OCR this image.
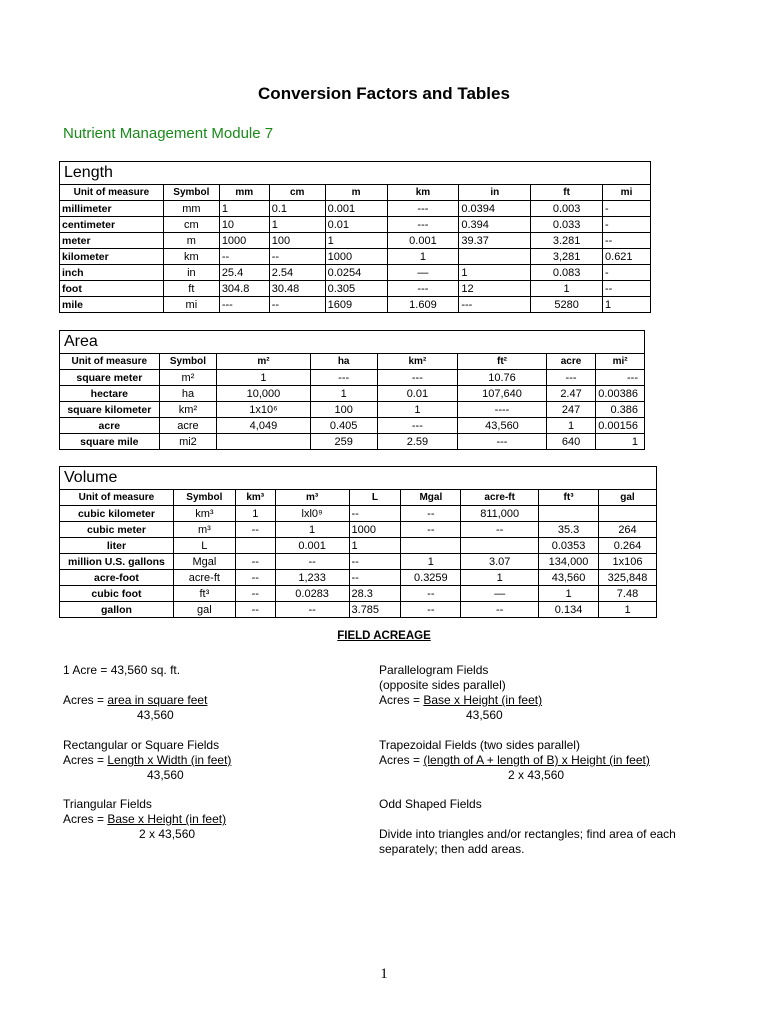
Conversion Factors and Tables
Nutrient Management Module 7
Length								
Unit of measure	Symbol	mm	cm	m	km	in	ft	mi
millimeter	mm	1	0.1	0.001	---	0.0394	0.003	-
centimeter	cm	10	1	0.01	---	0.394	0.033	-
meter	m	1000	100	1	0.001	39.37	3.281	--
kilometer	km	--	--	1000	1		3,281	0.621
inch	in	25.4	2.54	0.0254	—	1	0.083	-
foot	ft	304.8	30.48	0.305	---	12	1	--
mile	mi	---	--	1609	1.609	---	5280	1
Area							
Unit of measure	Symbol	m²	ha	km²	ft²	acre	mi²
square meter	m²	1	---	---	10.76	---	---
hectare	ha	10,000	1	0.01	107,640	2.47	0.00386
square kilometer	km²	1x10⁶	100	1	----	247	0.386
acre	acre	4,049	0.405	---	43,560	1	0.00156
square mile	mi2		259	2.59	---	640	1
Volume								
Unit of measure	Symbol	km³	m³	L	Mgal	acre-ft	ft³	gal
cubic kilometer	km³	1	lxl0⁹	--	--	811,000		
cubic meter	m³	--	1	1000	--	--	35.3	264
liter	L		0.001	1			0.0353	0.264
million U.S. gallons	Mgal	--	--	--	1	3.07	134,000	1x106
acre-foot	acre-ft	--	1,233	--	0.3259	1	43,560	325,848
cubic foot	ft³	--	0.0283	28.3	--	—	1	7.48
gallon	gal	--	--	3.785	--	--	0.134	1
FIELD ACREAGE
1 Acre = 43,560 sq. ft.
Acres = area in square feet
43,560
Rectangular or Square Fields
Acres = Length x Width (in feet)
43,560
Triangular Fields
Acres = Base x Height (in feet)
2 x 43,560
Parallelogram Fields
(opposite sides parallel)
Acres = Base x Height (in feet)
43,560
Trapezoidal Fields (two sides parallel)
Acres = (length of A + length of B) x Height (in feet)
2 x 43,560
Odd Shaped Fields
Divide into triangles and/or rectangles; find area of each
separately; then add areas.
1
